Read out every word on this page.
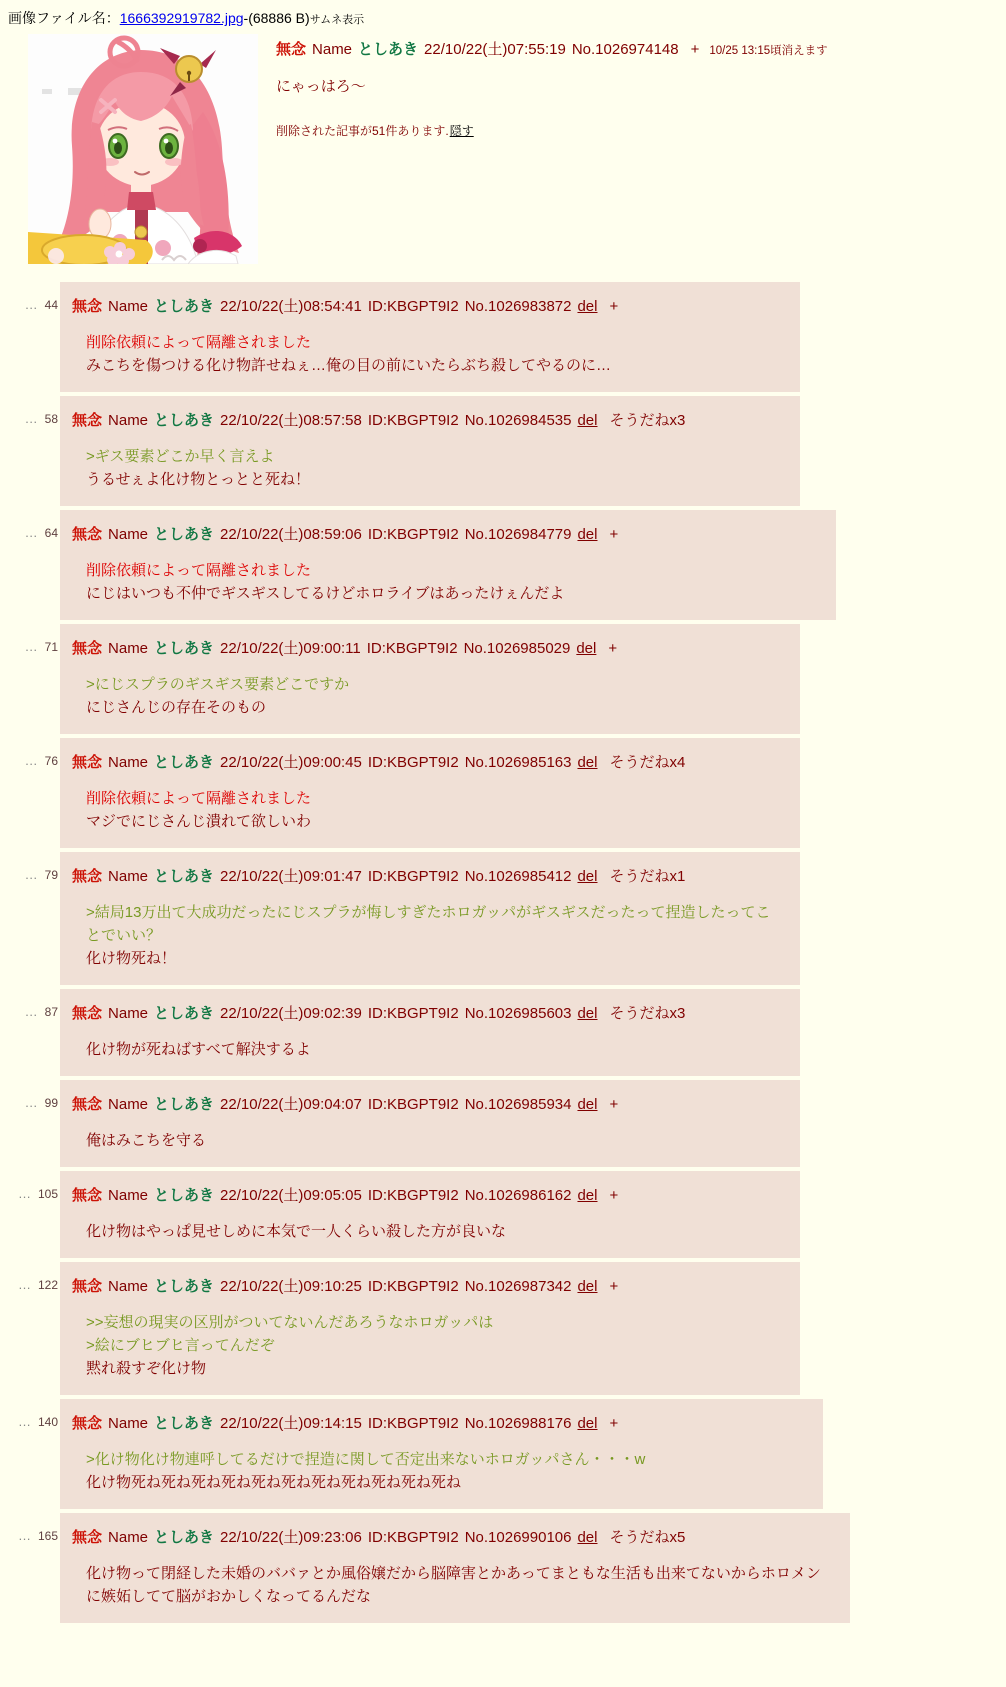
画像ファイル名：1666392919782.jpg-(68886 B)サムネ表示
無念 Name としあき 22/10/22(土)07:55:19 No.1026974148 + 10/25 13:15頃消えます
にゃっはろ～
削除された記事が51件あります.隠す
… 44 無念 Name としあき 22/10/22(土)08:54:41 ID:KBGPT9I2 No.1026983872 del +
削除依頼によって隔離されました
みこちを傷つける化け物許せねぇ…俺の目の前にいたらぶち殺してやるのに…
… 58 無念 Name としあき 22/10/22(土)08:57:58 ID:KBGPT9I2 No.1026984535 del そうだねx3
>ギス要素どこか早く言えよ
うるせぇよ化け物とっとと死ね！
… 64 無念 Name としあき 22/10/22(土)08:59:06 ID:KBGPT9I2 No.1026984779 del +
削除依頼によって隔離されました
にじはいつも不仲でギスギスしてるけどホロライブはあったけぇんだよ
… 71 無念 Name としあき 22/10/22(土)09:00:11 ID:KBGPT9I2 No.1026985029 del +
>にじスプラのギスギス要素どこですか
にじさんじの存在そのもの
… 76 無念 Name としあき 22/10/22(土)09:00:45 ID:KBGPT9I2 No.1026985163 del そうだねx4
削除依頼によって隔離されました
マジでにじさんじ潰れて欲しいわ
… 79 無念 Name としあき 22/10/22(土)09:01:47 ID:KBGPT9I2 No.1026985412 del そうだねx1
>結局13万出て大成功だったにじスプラが悔しすぎたホロガッパがギスギスだったって捏造したってことでいい？
化け物死ね！
… 87 無念 Name としあき 22/10/22(土)09:02:39 ID:KBGPT9I2 No.1026985603 del そうだねx3
化け物が死ねばすべて解決するよ
… 99 無念 Name としあき 22/10/22(土)09:04:07 ID:KBGPT9I2 No.1026985934 del +
俺はみこちを守る
… 105 無念 Name としあき 22/10/22(土)09:05:05 ID:KBGPT9I2 No.1026986162 del +
化け物はやっぱ見せしめに本気で一人くらい殺した方が良いな
… 122 無念 Name としあき 22/10/22(土)09:10:25 ID:KBGPT9I2 No.1026987342 del +
>>妄想の現実の区別がついてないんだあろうなホロガッパは
>絵にブヒブヒ言ってんだぞ
黙れ殺すぞ化け物
… 140 無念 Name としあき 22/10/22(土)09:14:15 ID:KBGPT9I2 No.1026988176 del +
>化け物化け物連呼してるだけで捏造に関して否定出来ないホロガッパさん・・・w
化け物死ね死ね死ね死ね死ね死ね死ね死ね死ね死ね死ね
… 165 無念 Name としあき 22/10/22(土)09:23:06 ID:KBGPT9I2 No.1026990106 del そうだねx5
化け物って閉経した未婚のババァとか風俗嬢だから脳障害とかあってまともな生活も出来てないからホロメンに嫉妬してて脳がおかしくなってるんだな
